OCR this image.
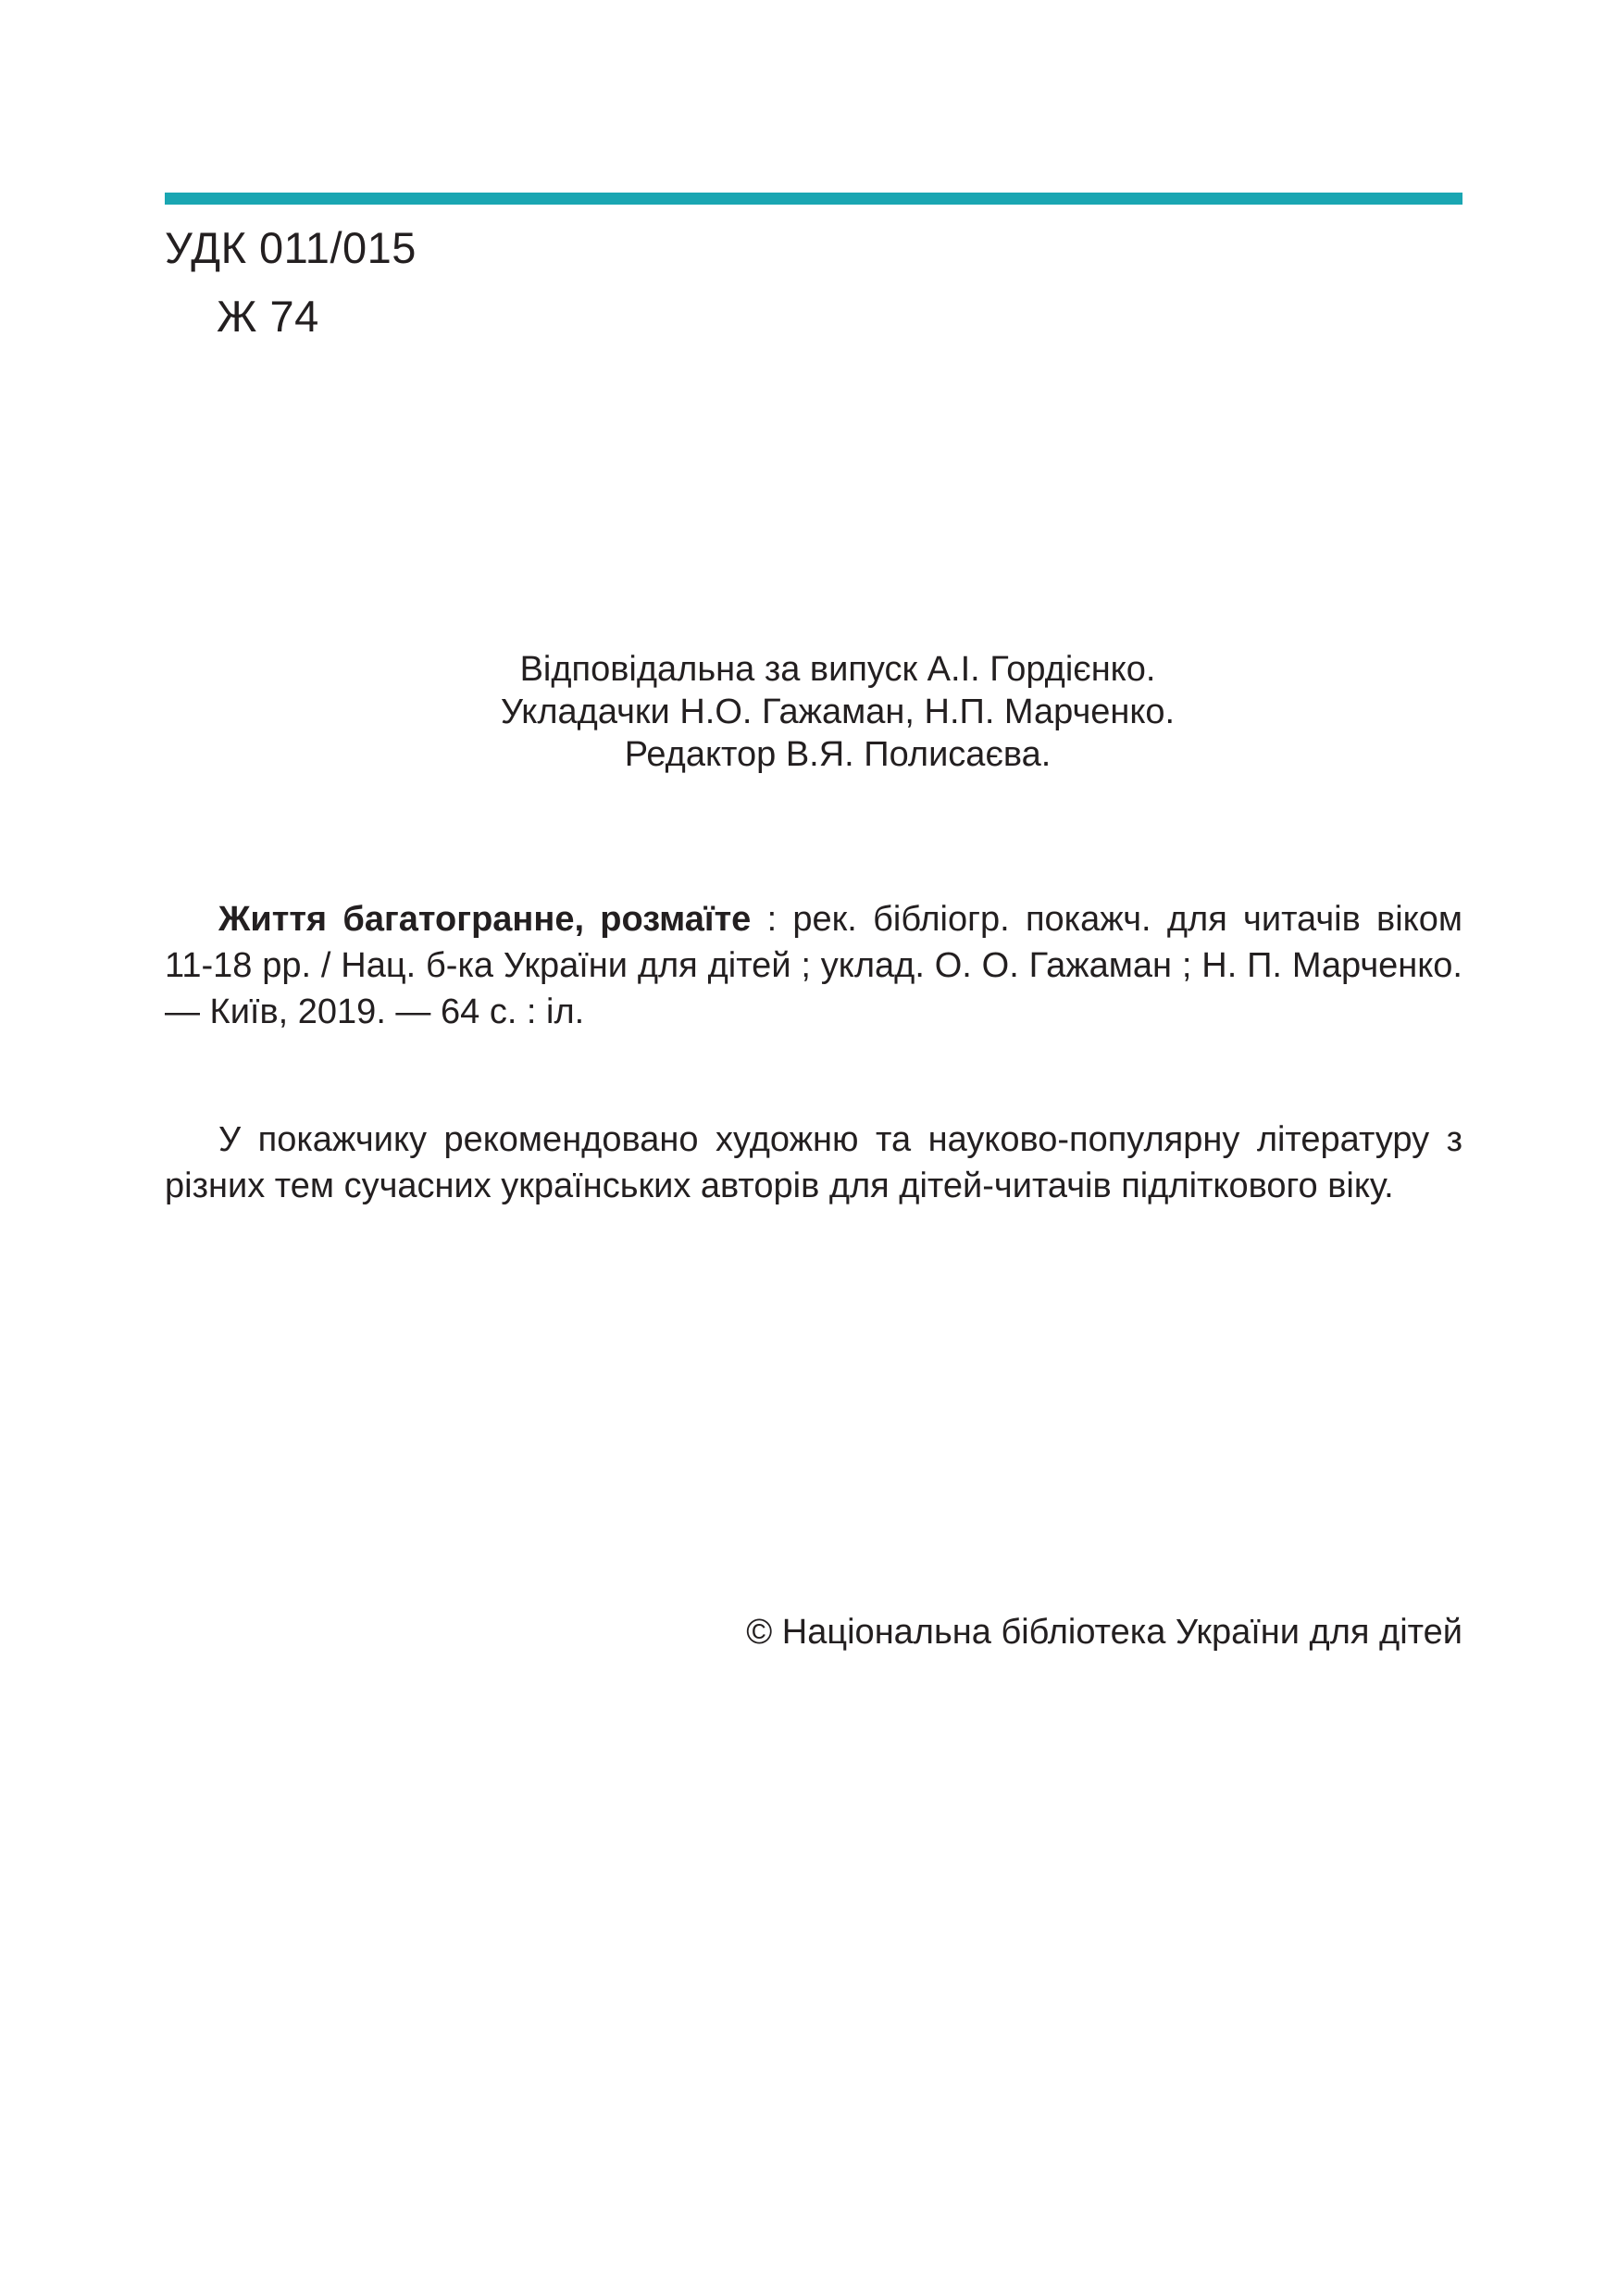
УДК 011/015
Ж 74
Відповідальна за випуск А.І. Гордієнко.
Укладачки Н.О. Гажаман, Н.П. Марченко.
Редактор В.Я. Полисаєва.
Життя багатогранне, розмаїте : рек. бібліогр. покажч. для читачів віком 11-18 рр. / Нац. б-ка України для дітей ; уклад. О. О. Гажаман ; Н. П. Марченко. — Київ, 2019. — 64 с. : іл.
У покажчику рекомендовано художню та науково-популярну літературу з різних тем сучасних українських авторів для дітей-читачів підліткового віку.
© Національна бібліотека України для дітей
